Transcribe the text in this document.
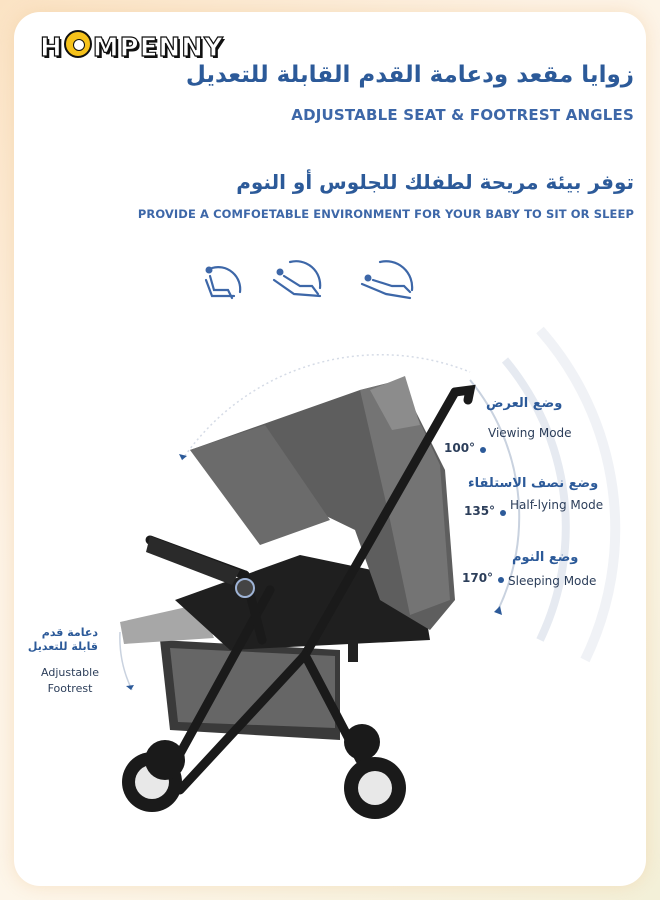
H MPENNY
زوايا مقعد ودعامة القدم القابلة للتعديل
ADJUSTABLE SEAT & FOOTREST ANGLES
توفر بيئة مريحة لطفلك للجلوس أو النوم
PROVIDE A COMFOETABLE ENVIRONMENT FOR YOUR BABY TO SIT OR SLEEP
وضع العرض
100°
Viewing Mode
وضع نصف الاستلقاء
135° Half-lying Mode
وضع النوم
170° Sleeping Mode
دعامة قدم قابلة للتعديل
Adjustable Footrest
